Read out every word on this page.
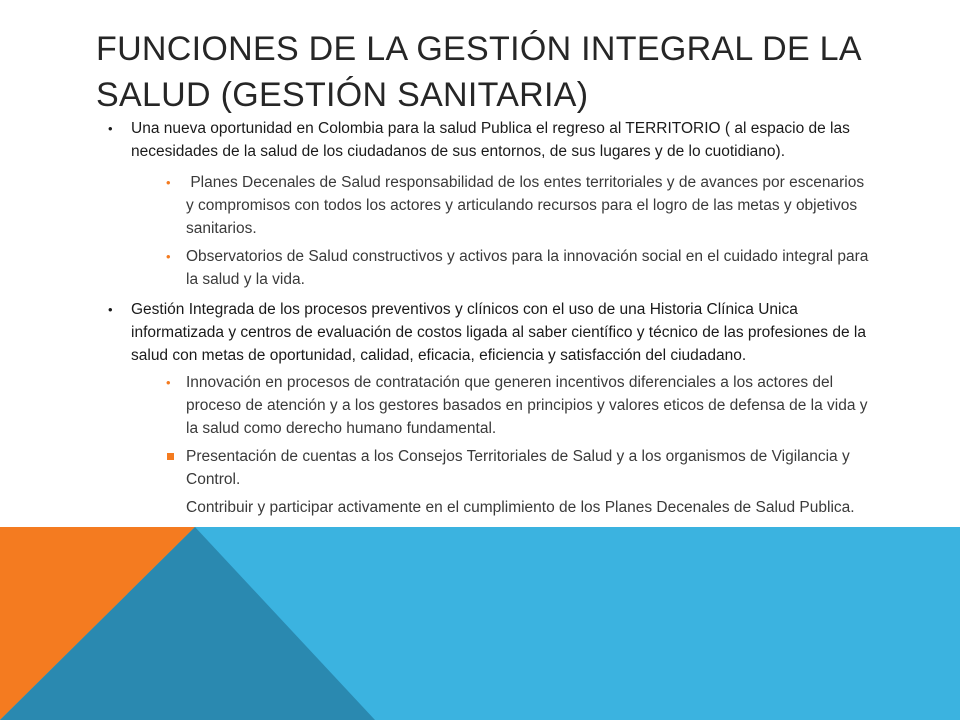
FUNCIONES DE LA GESTIÓN INTEGRAL DE LA
SALUD (GESTIÓN SANITARIA)
• Una nueva oportunidad en Colombia para la salud Publica el regreso al TERRITORIO ( al espacio de las necesidades de la salud de los ciudadanos de sus entornos, de sus lugares y de lo cuotidiano).
• Planes Decenales de Salud responsabilidad de los entes territoriales y de avances por escenarios y compromisos con todos los actores y articulando recursos para el logro de las metas y objetivos sanitarios.
• Observatorios de Salud constructivos y activos para la innovación social en el cuidado integral para la salud y la vida.
• Gestión Integrada de los procesos preventivos y clínicos con el uso de una Historia Clínica Unica informatizada y centros de evaluación de costos ligada al saber científico y técnico de las profesiones de la salud con metas de oportunidad, calidad, eficacia, eficiencia y satisfacción del ciudadano.
• Innovación en procesos de contratación que generen incentivos diferenciales a los actores del proceso de atención y a los gestores basados en principios y valores eticos de defensa de la vida y la salud como derecho humano fundamental.
Presentación de cuentas a los Consejos Territoriales de Salud y a los organismos de Vigilancia y Control.
Contribuir y participar activamente en el cumplimiento de los Planes Decenales de Salud Publica.
